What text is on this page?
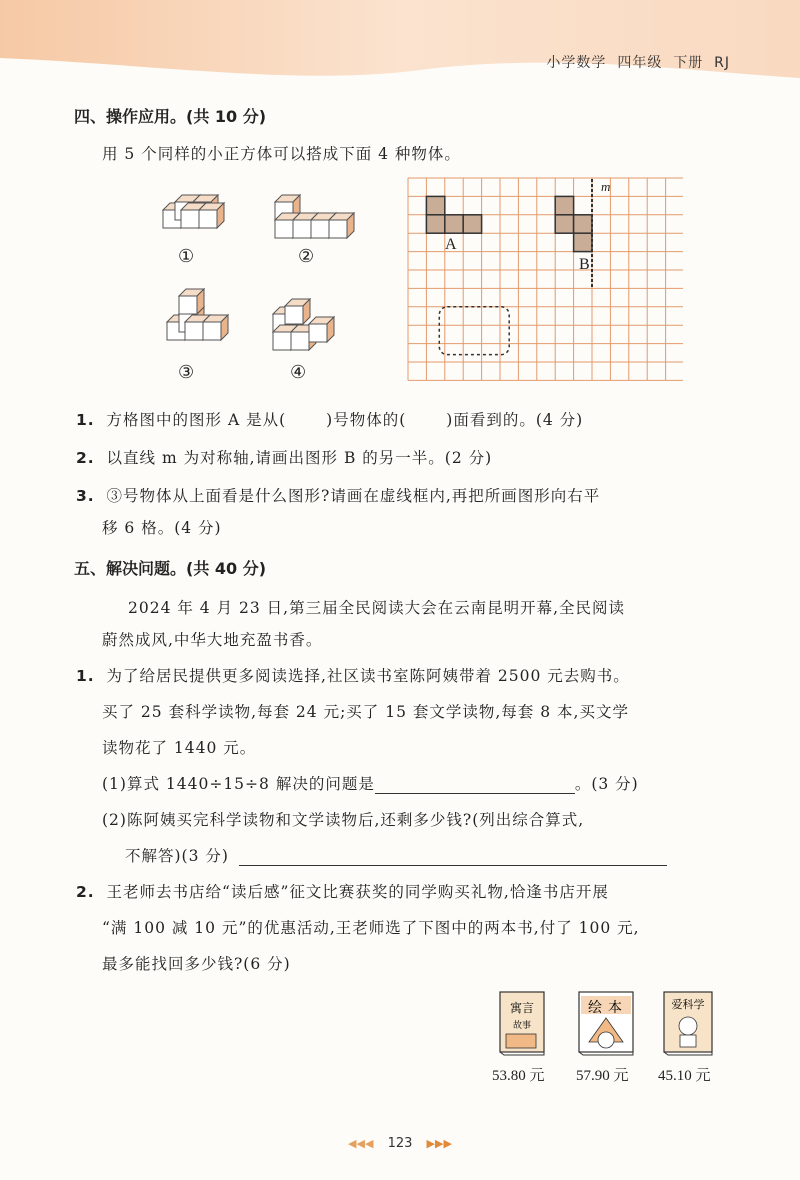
小学数学 四年级 下册 RJ
四、操作应用。(共 10 分)
用 5 个同样的小正方体可以搭成下面 4 种物体。
①	②
③	④
A
B
m
1. 方格图中的图形 A 是从(	)号物体的(	)面看到的。(4 分)
2. 以直线 m 为对称轴,请画出图形 B 的另一半。(2 分)
3. ③号物体从上面看是什么图形?请画在虚线框内,再把所画图形向右平
移 6 格。(4 分)
五、解决问题。(共 40 分)
2024 年 4 月 23 日,第三届全民阅读大会在云南昆明开幕,全民阅读
蔚然成风,中华大地充盈书香。
1. 为了给居民提供更多阅读选择,社区读书室陈阿姨带着 2500 元去购书。
买了 25 套科学读物,每套 24 元;买了 15 套文学读物,每套 8 本,买文学
读物花了 1440 元。
(1)算式 1440÷15÷8 解决的问题是	。(3 分)
(2)陈阿姨买完科学读物和文学读物后,还剩多少钱?(列出综合算式,
不解答)(3 分)
2. 王老师去书店给“读后感”征文比赛获奖的同学购买礼物,恰逢书店开展
“满 100 减 10 元”的优惠活动,王老师选了下图中的两本书,付了 100 元,
最多能找回多少钱?(6 分)
寓言
故事
绘 本	爱科学
53.80 元 57.90 元 45.10 元
◀◀◀ 123 ▶▶▶
